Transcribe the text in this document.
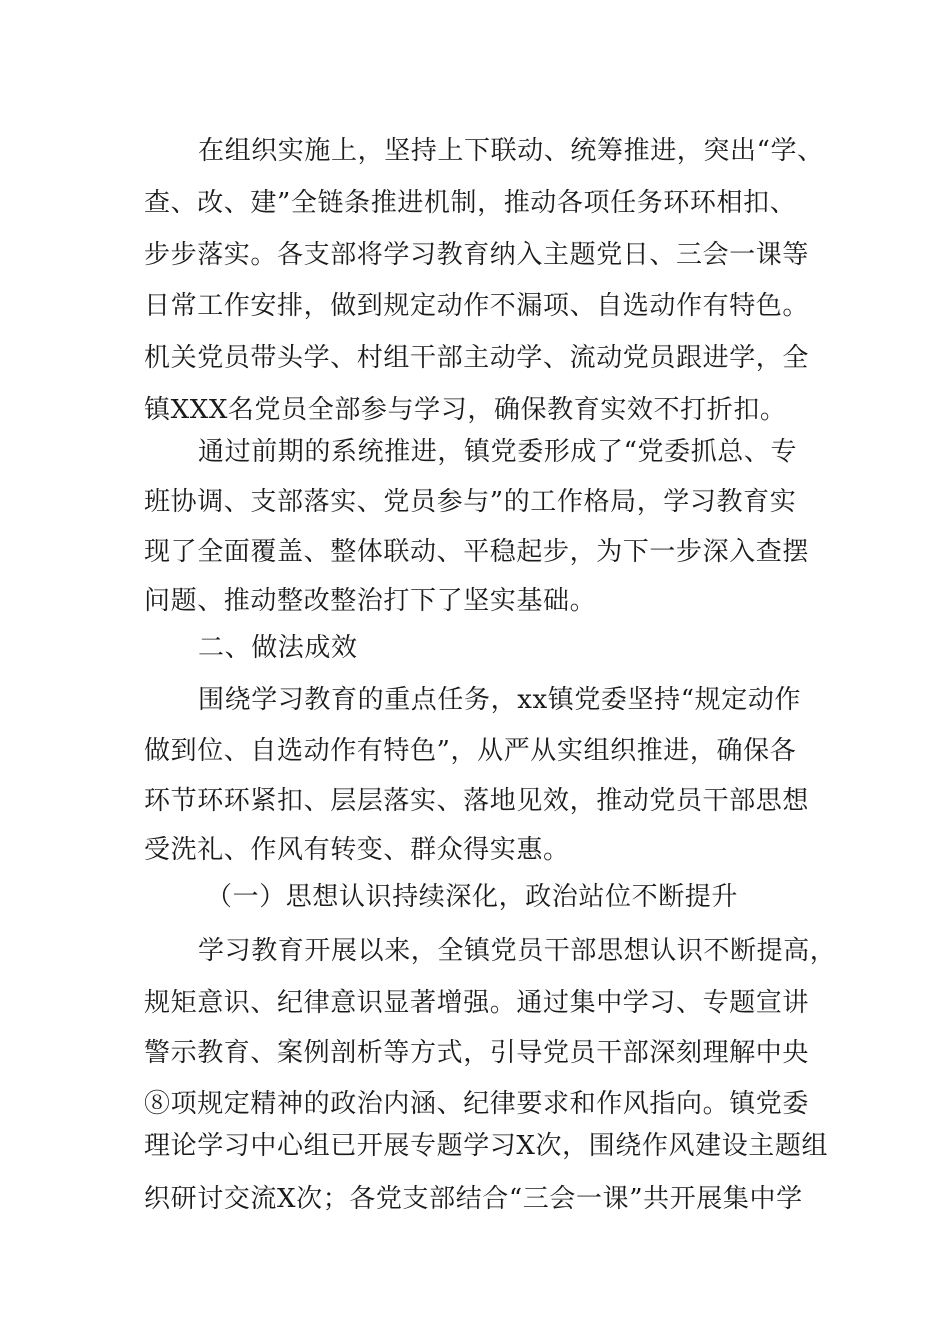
在组织实施上，坚持上下联动、统筹推进，突出“学、
查、改、建”全链条推进机制，推动各项任务环环相扣、
步步落实。各支部将学习教育纳入主题党日、三会一课等
日常工作安排，做到规定动作不漏项、自选动作有特色。
机关党员带头学、村组干部主动学、流动党员跟进学，全
镇XXX名党员全部参与学习，确保教育实效不打折扣。
通过前期的系统推进，镇党委形成了“党委抓总、专
班协调、支部落实、党员参与”的工作格局，学习教育实
现了全面覆盖、整体联动、平稳起步，为下一步深入查摆
问题、推动整改整治打下了坚实基础。
二、做法成效
围绕学习教育的重点任务，xx镇党委坚持“规定动作
做到位、自选动作有特色”，从严从实组织推进，确保各
环节环环紧扣、层层落实、落地见效，推动党员干部思想
受洗礼、作风有转变、群众得实惠。
（一）思想认识持续深化，政治站位不断提升
学习教育开展以来，全镇党员干部思想认识不断提高，
规矩意识、纪律意识显著增强。通过集中学习、专题宣讲
警示教育、案例剖析等方式，引导党员干部深刻理解中央
⑧项规定精神的政治内涵、纪律要求和作风指向。镇党委
理论学习中心组已开展专题学习X次，围绕作风建设主题组
织研讨交流X次；各党支部结合“三会一课”共开展集中学
